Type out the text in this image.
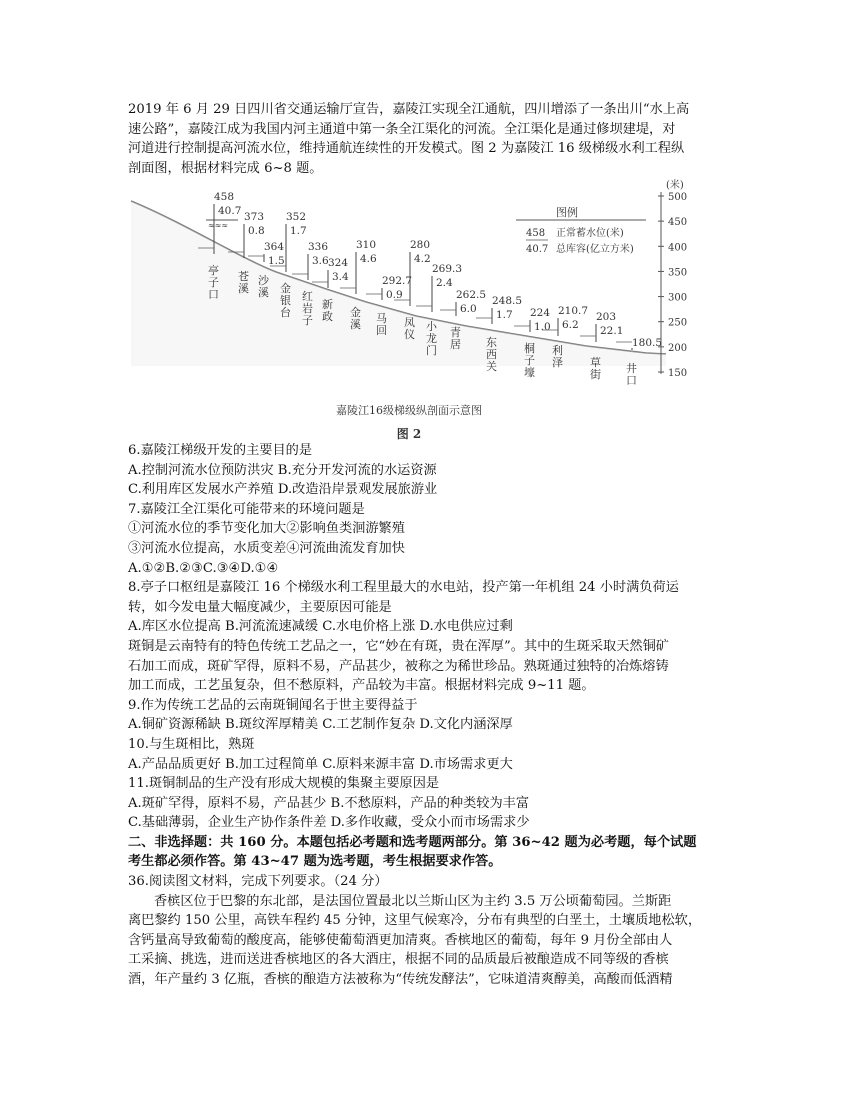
2019 年 6 月 29 日四川省交通运输厅宣告，嘉陵江实现全江通航，四川增添了一条出川“水上高
速公路”，嘉陵江成为我国内河主通道中第一条全江渠化的河流。全江渠化是通过修坝建堤，对
河道进行控制提高河流水位，维持通航连续性的开发模式。图 2 为嘉陵江 16 级梯级水利工程纵
剖面图，根据材料完成 6~8 题。
≈≈≈
(米)
500
450
400
350
300
250
200
150
图例
458
40.7
正常蓄水位(米)
总库容(亿立方米)
458
40.7
亭
子
口
373
0.8
苍
溪
364
1.5
沙
溪
352
1.7
金
银
台
336
3.6
红
岩
子
324
3.4
新
政
310
4.6
金
溪
292.7
0.9
马
回
280
4.2
凤
仪
269.3
2.4
小
龙
门
262.5
6.0
青
居
248.5
1.7
东
西
关
224
1.0
桐
子
壕
210.7
6.2
利
泽
203
22.1
草
街
180.5
井
口
嘉陵江16级梯级纵剖面示意图
图 2
6.嘉陵江梯级开发的主要目的是
A.控制河流水位预防洪灾 B.充分开发河流的水运资源
C.利用库区发展水产养殖 D.改造沿岸景观发展旅游业
7.嘉陵江全江渠化可能带来的环境问题是
①河流水位的季节变化加大②影响鱼类洄游繁殖
③河流水位提高，水质变差④河流曲流发育加快
A.①②B.②③C.③④D.①④
8.亭子口枢纽是嘉陵江 16 个梯级水利工程里最大的水电站，投产第一年机组 24 小时满负荷运
转，如今发电量大幅度减少，主要原因可能是
A.库区水位提高 B.河流流速减缓 C.水电价格上涨 D.水电供应过剩
斑铜是云南特有的特色传统工艺品之一，它“妙在有斑，贵在浑厚”。其中的生斑采取天然铜矿
石加工而成，斑矿罕得，原料不易，产品甚少，被称之为稀世珍品。熟斑通过独特的冶炼熔铸
加工而成，工艺虽复杂，但不愁原料，产品较为丰富。根据材料完成 9~11 题。
9.作为传统工艺品的云南斑铜闻名于世主要得益于
A.铜矿资源稀缺 B.斑纹浑厚精美 C.工艺制作复杂 D.文化内涵深厚
10.与生斑相比，熟斑
A.产品品质更好 B.加工过程简单 C.原料来源丰富 D.市场需求更大
11.斑铜制品的生产没有形成大规模的集聚主要原因是
A.斑矿罕得，原料不易，产品甚少 B.不愁原料，产品的种类较为丰富
C.基础薄弱，企业生产协作条件差 D.多作收藏，受众小而市场需求少
二、非选择题：共 160 分。本题包括必考题和选考题两部分。第 36~42 题为必考题，每个试题
考生都必须作答。第 43~47 题为选考题，考生根据要求作答。
36.阅读图文材料，完成下列要求。（24 分）
香槟区位于巴黎的东北部，是法国位置最北以兰斯山区为主约 3.5 万公顷葡萄园。兰斯距
离巴黎约 150 公里，高铁车程约 45 分钟，这里气候寒冷，分布有典型的白垩土，土壤质地松软，
含钙量高导致葡萄的酸度高，能够使葡萄酒更加清爽。香槟地区的葡萄，每年 9 月份全部由人
工采摘、挑选，进而送进香槟地区的各大酒庄，根据不同的品质最后被酿造成不同等级的香槟
酒，年产量约 3 亿瓶，香槟的酿造方法被称为“传统发酵法”，它味道清爽醇美，高酸而低酒精
